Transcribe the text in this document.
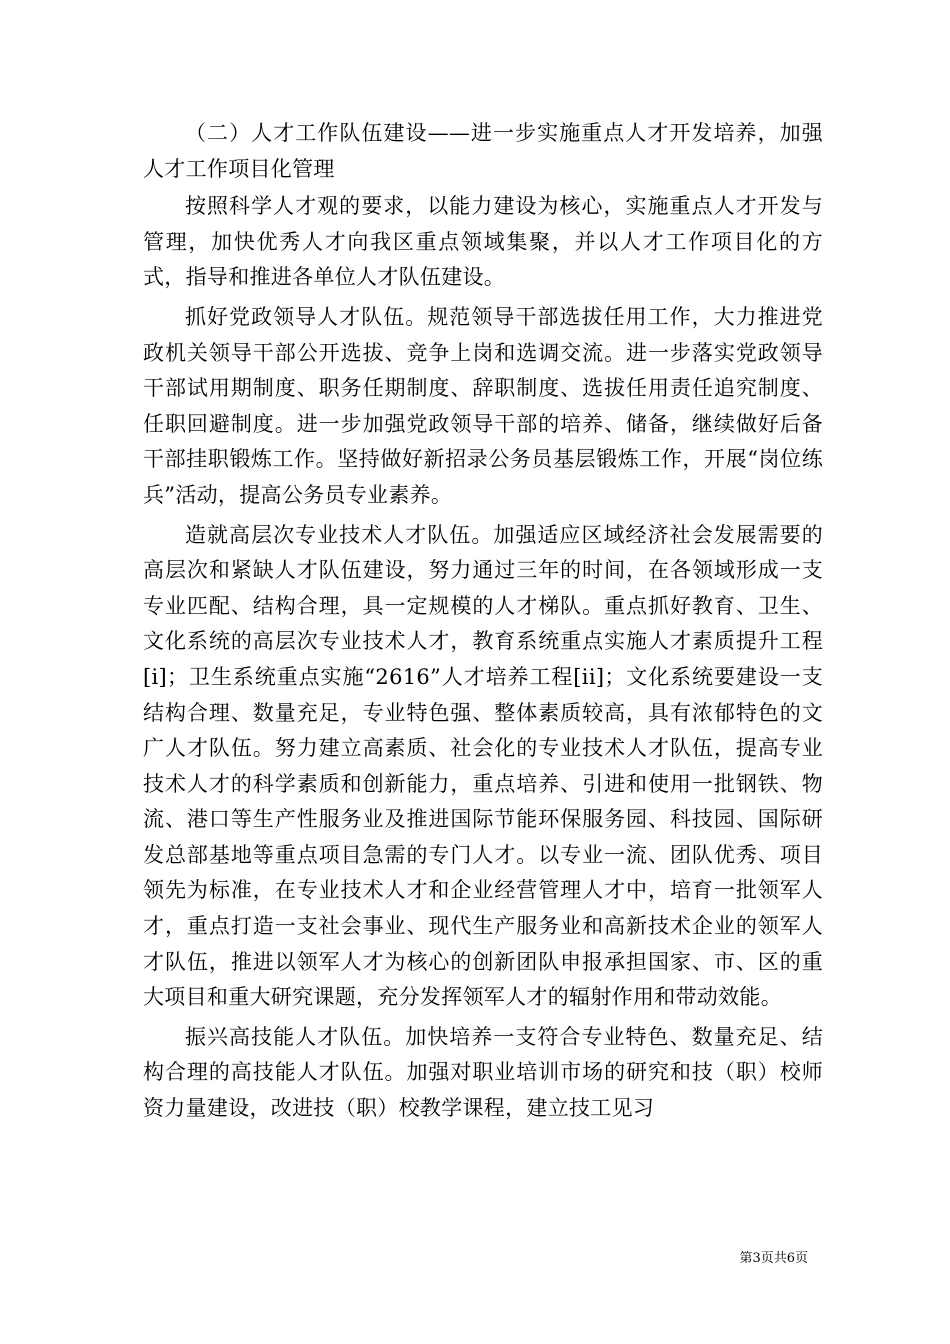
（二）人才工作队伍建设——进一步实施重点人才开发培养，加强人才工作项目化管理

按照科学人才观的要求，以能力建设为核心，实施重点人才开发与管理，加快优秀人才向我区重点领域集聚，并以人才工作项目化的方式，指导和推进各单位人才队伍建设。

抓好党政领导人才队伍。规范领导干部选拔任用工作，大力推进党政机关领导干部公开选拔、竞争上岗和选调交流。进一步落实党政领导干部试用期制度、职务任期制度、辞职制度、选拔任用责任追究制度、任职回避制度。进一步加强党政领导干部的培养、储备，继续做好后备干部挂职锻炼工作。坚持做好新招录公务员基层锻炼工作，开展“岗位练兵”活动，提高公务员专业素养。

造就高层次专业技术人才队伍。加强适应区域经济社会发展需要的高层次和紧缺人才队伍建设，努力通过三年的时间，在各领域形成一支专业匹配、结构合理，具一定规模的人才梯队。重点抓好教育、卫生、文化系统的高层次专业技术人才，教育系统重点实施人才素质提升工程[i]；卫生系统重点实施“2616”人才培养工程[ii]；文化系统要建设一支结构合理、数量充足，专业特色强、整体素质较高，具有浓郁特色的文广人才队伍。努力建立高素质、社会化的专业技术人才队伍，提高专业技术人才的科学素质和创新能力，重点培养、引进和使用一批钢铁、物流、港口等生产性服务业及推进国际节能环保服务园、科技园、国际研发总部基地等重点项目急需的专门人才。以专业一流、团队优秀、项目领先为标准，在专业技术人才和企业经营管理人才中，培育一批领军人才，重点打造一支社会事业、现代生产服务业和高新技术企业的领军人才队伍，推进以领军人才为核心的创新团队申报承担国家、市、区的重大项目和重大研究课题，充分发挥领军人才的辐射作用和带动效能。

振兴高技能人才队伍。加快培养一支符合专业特色、数量充足、结构合理的高技能人才队伍。加强对职业培训市场的研究和技（职）校师资力量建设，改进技（职）校教学课程，建立技工见习

第3页共6页
